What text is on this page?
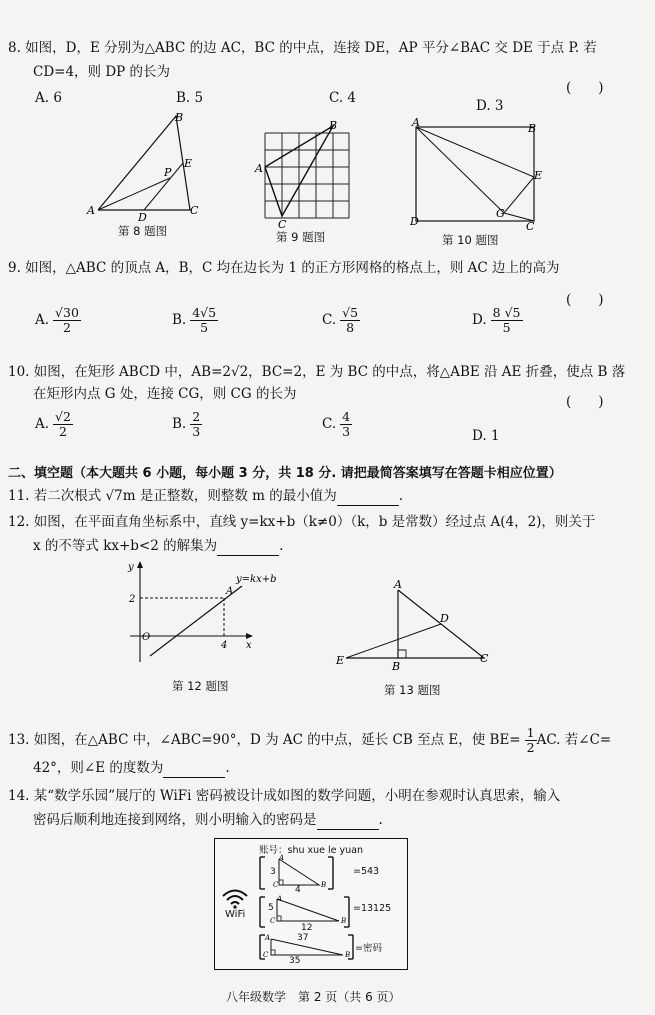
8. 如图，D，E 分别为△ABC 的边 AC，BC 的中点，连接 DE，AP 平分∠BAC 交 DE 于点 P. 若
CD=4，则 DP 的长为
(　　)
A. 6	B. 5	C. 4	D. 3
A
B
C
D
E
P
第 8 题图
A
B
C
第 9 题图
A	B
C
D
E
G
第 10 题图
9. 如图，△ABC 的顶点 A，B，C 均在边长为 1 的正方形网格的格点上，则 AC 边上的高为
(　　)
A. $\frac{√30}{2}$	B. $\frac{4√5}{5}$	C. $\frac{√5}{8}$	D. $\frac{8 √5}{5}$
10. 如图，在矩形 ABCD 中，AB=2√2，BC=2，E 为 BC 的中点，将△ABE 沿 AE 折叠，使点 B 落
在矩形内点 G 处，连接 CG，则 CG 的长为	(　　)
A. $\frac{√2}{2}$	B. $\frac{2}{3}$	C. $\frac{4}{3}$	D. 1
二、填空题（本大题共 6 小题，每小题 3 分，共 18 分. 请把最简答案填写在答题卡相应位置）
11. 若二次根式 √7m 是正整数，则整数 m 的最小值为	.
12. 如图，在平面直角坐标系中，直线 y=kx+b（k≠0）（k，b 是常数）经过点 A(4，2)，则关于
x 的不等式 kx+b<2 的解集为	.
y
x
A
O
2
4
y=kx+b
第 12 题图
A
B
C
D
E
第 13 题图
13. 如图，在△ABC 中，∠ABC=90°，D 为 AC 的中点，延长 CB 至点 E，使 $BE= \frac{1}{2}$ AC. 若∠C=
42°，则∠E 的度数为	.
14. 某“数学乐园”展厅的 WiFi 密码被设计成如图的数学问题，小明在参观时认真思索，输入
密码后顺利地连接到网络，则小明输入的密码是	.
账号：shu xue le yuan
WiFi
A
C	B
3
4
=543
A
C	B
5
12
=13125
A
C	B
37
35
=密码
八年级数学　第 2 页（共 6 页）
